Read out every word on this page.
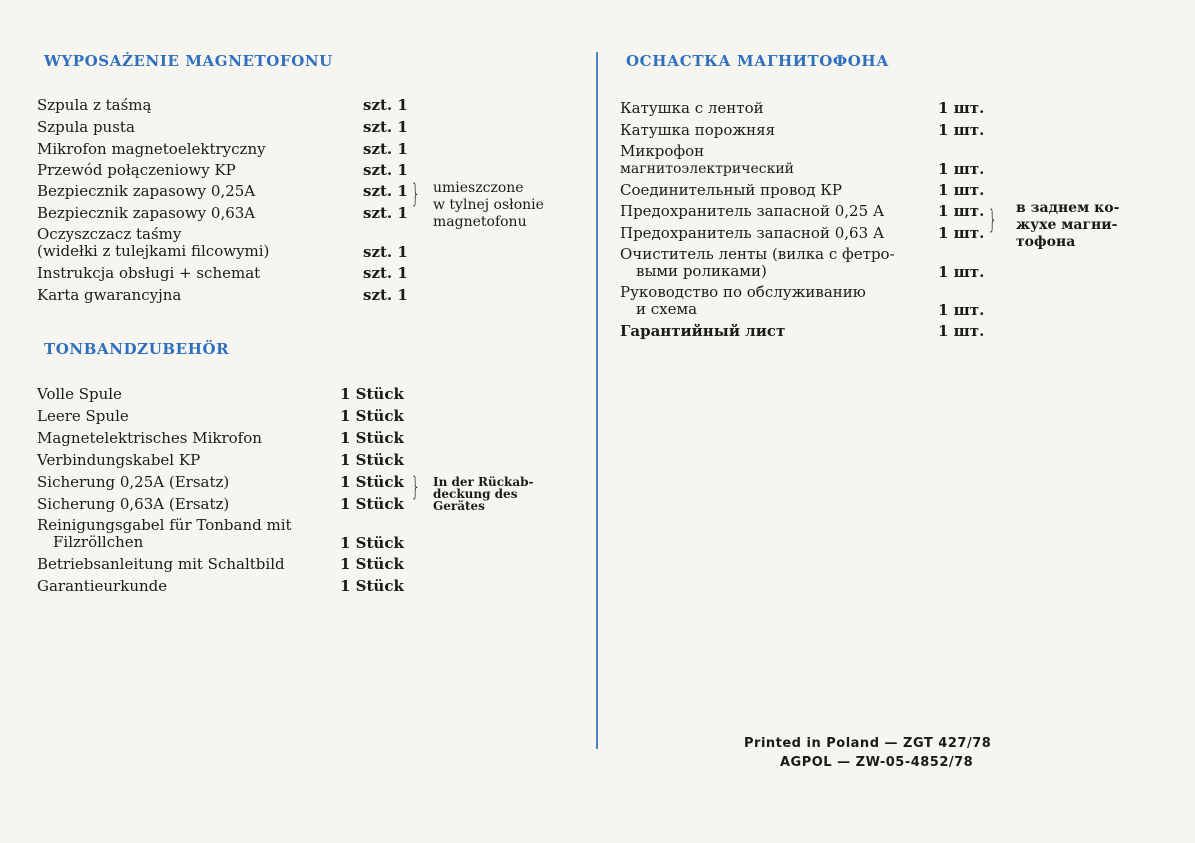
WYPOSAŻENIE MAGNETOFONU
Szpula z taśmą	szt. 1
Szpula pusta	szt. 1
Mikrofon magnetoelektryczny	szt. 1
Przewód połączeniowy KP	szt. 1
Bezpiecznik zapasowy 0,25A	szt. 1
Bezpiecznik zapasowy 0,63A	szt. 1
Oczyszczacz taśmy
(widełki z tulejkami filcowymi)	szt. 1
Instrukcja obsługi + schemat	szt. 1
Karta gwarancyjna	szt. 1
} umieszczone
w tylnej osłonie
magnetofonu
TONBANDZUBEHÖR
Volle Spule	1 Stück
Leere Spule	1 Stück
Magnetelektrisches Mikrofon	1 Stück
Verbindungskabel KP	1 Stück
Sicherung 0,25A (Ersatz)	1 Stück
Sicherung 0,63A (Ersatz)	1 Stück
Reinigungsgabel für Tonband mit
Filzröllchen	1 Stück
Betriebsanleitung mit Schaltbild	1 Stück
Garantieurkunde	1 Stück
} In der Rückab-
deckung des
Gerätes
ОСНАСТКА МАГНИТОФОНА
Катушка с лентой	1 шт.
Катушка порожняя	1 шт.
Микрофон
магнитоэлектрический	1 шт.
Соединительный провод КР	1 шт.
Предохранитель запасной 0,25 А	1 шт.
Предохранитель запасной 0,63 А	1 шт.
Очиститель ленты (вилка с фетро-
выми роликами)	1 шт.
Руководство по обслуживанию
и схема	1 шт.
Гарантийный лист	1 шт.
} в заднем ко-
жухе магни-
тофона
Printed in Poland — ZGT 427/78
AGPOL — ZW-05-4852/78
